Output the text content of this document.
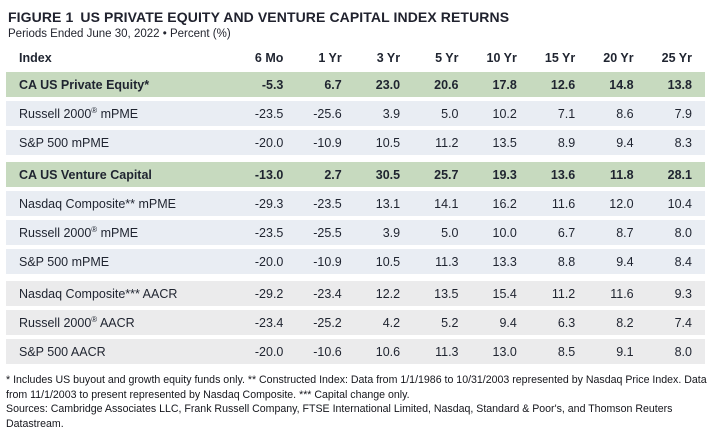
FIGURE 1 US PRIVATE EQUITY AND VENTURE CAPITAL INDEX RETURNS
Periods Ended June 30, 2022 • Percent (%)
Index	6 Mo	1 Yr	3 Yr	5 Yr	10 Yr	15 Yr	20 Yr	25 Yr
CA US Private Equity*	-5.3	6.7	23.0	20.6	17.8	12.6	14.8	13.8
Russell 2000® mPME	-23.5	-25.6	3.9	5.0	10.2	7.1	8.6	7.9
S&P 500 mPME	-20.0	-10.9	10.5	11.2	13.5	8.9	9.4	8.3
CA US Venture Capital	-13.0	2.7	30.5	25.7	19.3	13.6	11.8	28.1
Nasdaq Composite** mPME	-29.3	-23.5	13.1	14.1	16.2	11.6	12.0	10.4
Russell 2000® mPME	-23.5	-25.5	3.9	5.0	10.0	6.7	8.7	8.0
S&P 500 mPME	-20.0	-10.9	10.5	11.3	13.3	8.8	9.4	8.4
Nasdaq Composite*** AACR	-29.2	-23.4	12.2	13.5	15.4	11.2	11.6	9.3
Russell 2000® AACR	-23.4	-25.2	4.2	5.2	9.4	6.3	8.2	7.4
S&P 500 AACR	-20.0	-10.6	10.6	11.3	13.0	8.5	9.1	8.0

* Includes US buyout and growth equity funds only. ** Constructed Index: Data from 1/1/1986 to 10/31/2003 represented by Nasdaq Price Index. Data from 11/1/2003 to present represented by Nasdaq Composite. *** Capital change only.

Sources: Cambridge Associates LLC, Frank Russell Company, FTSE International Limited, Nasdaq, Standard & Poor's, and Thomson Reuters Datastream.
